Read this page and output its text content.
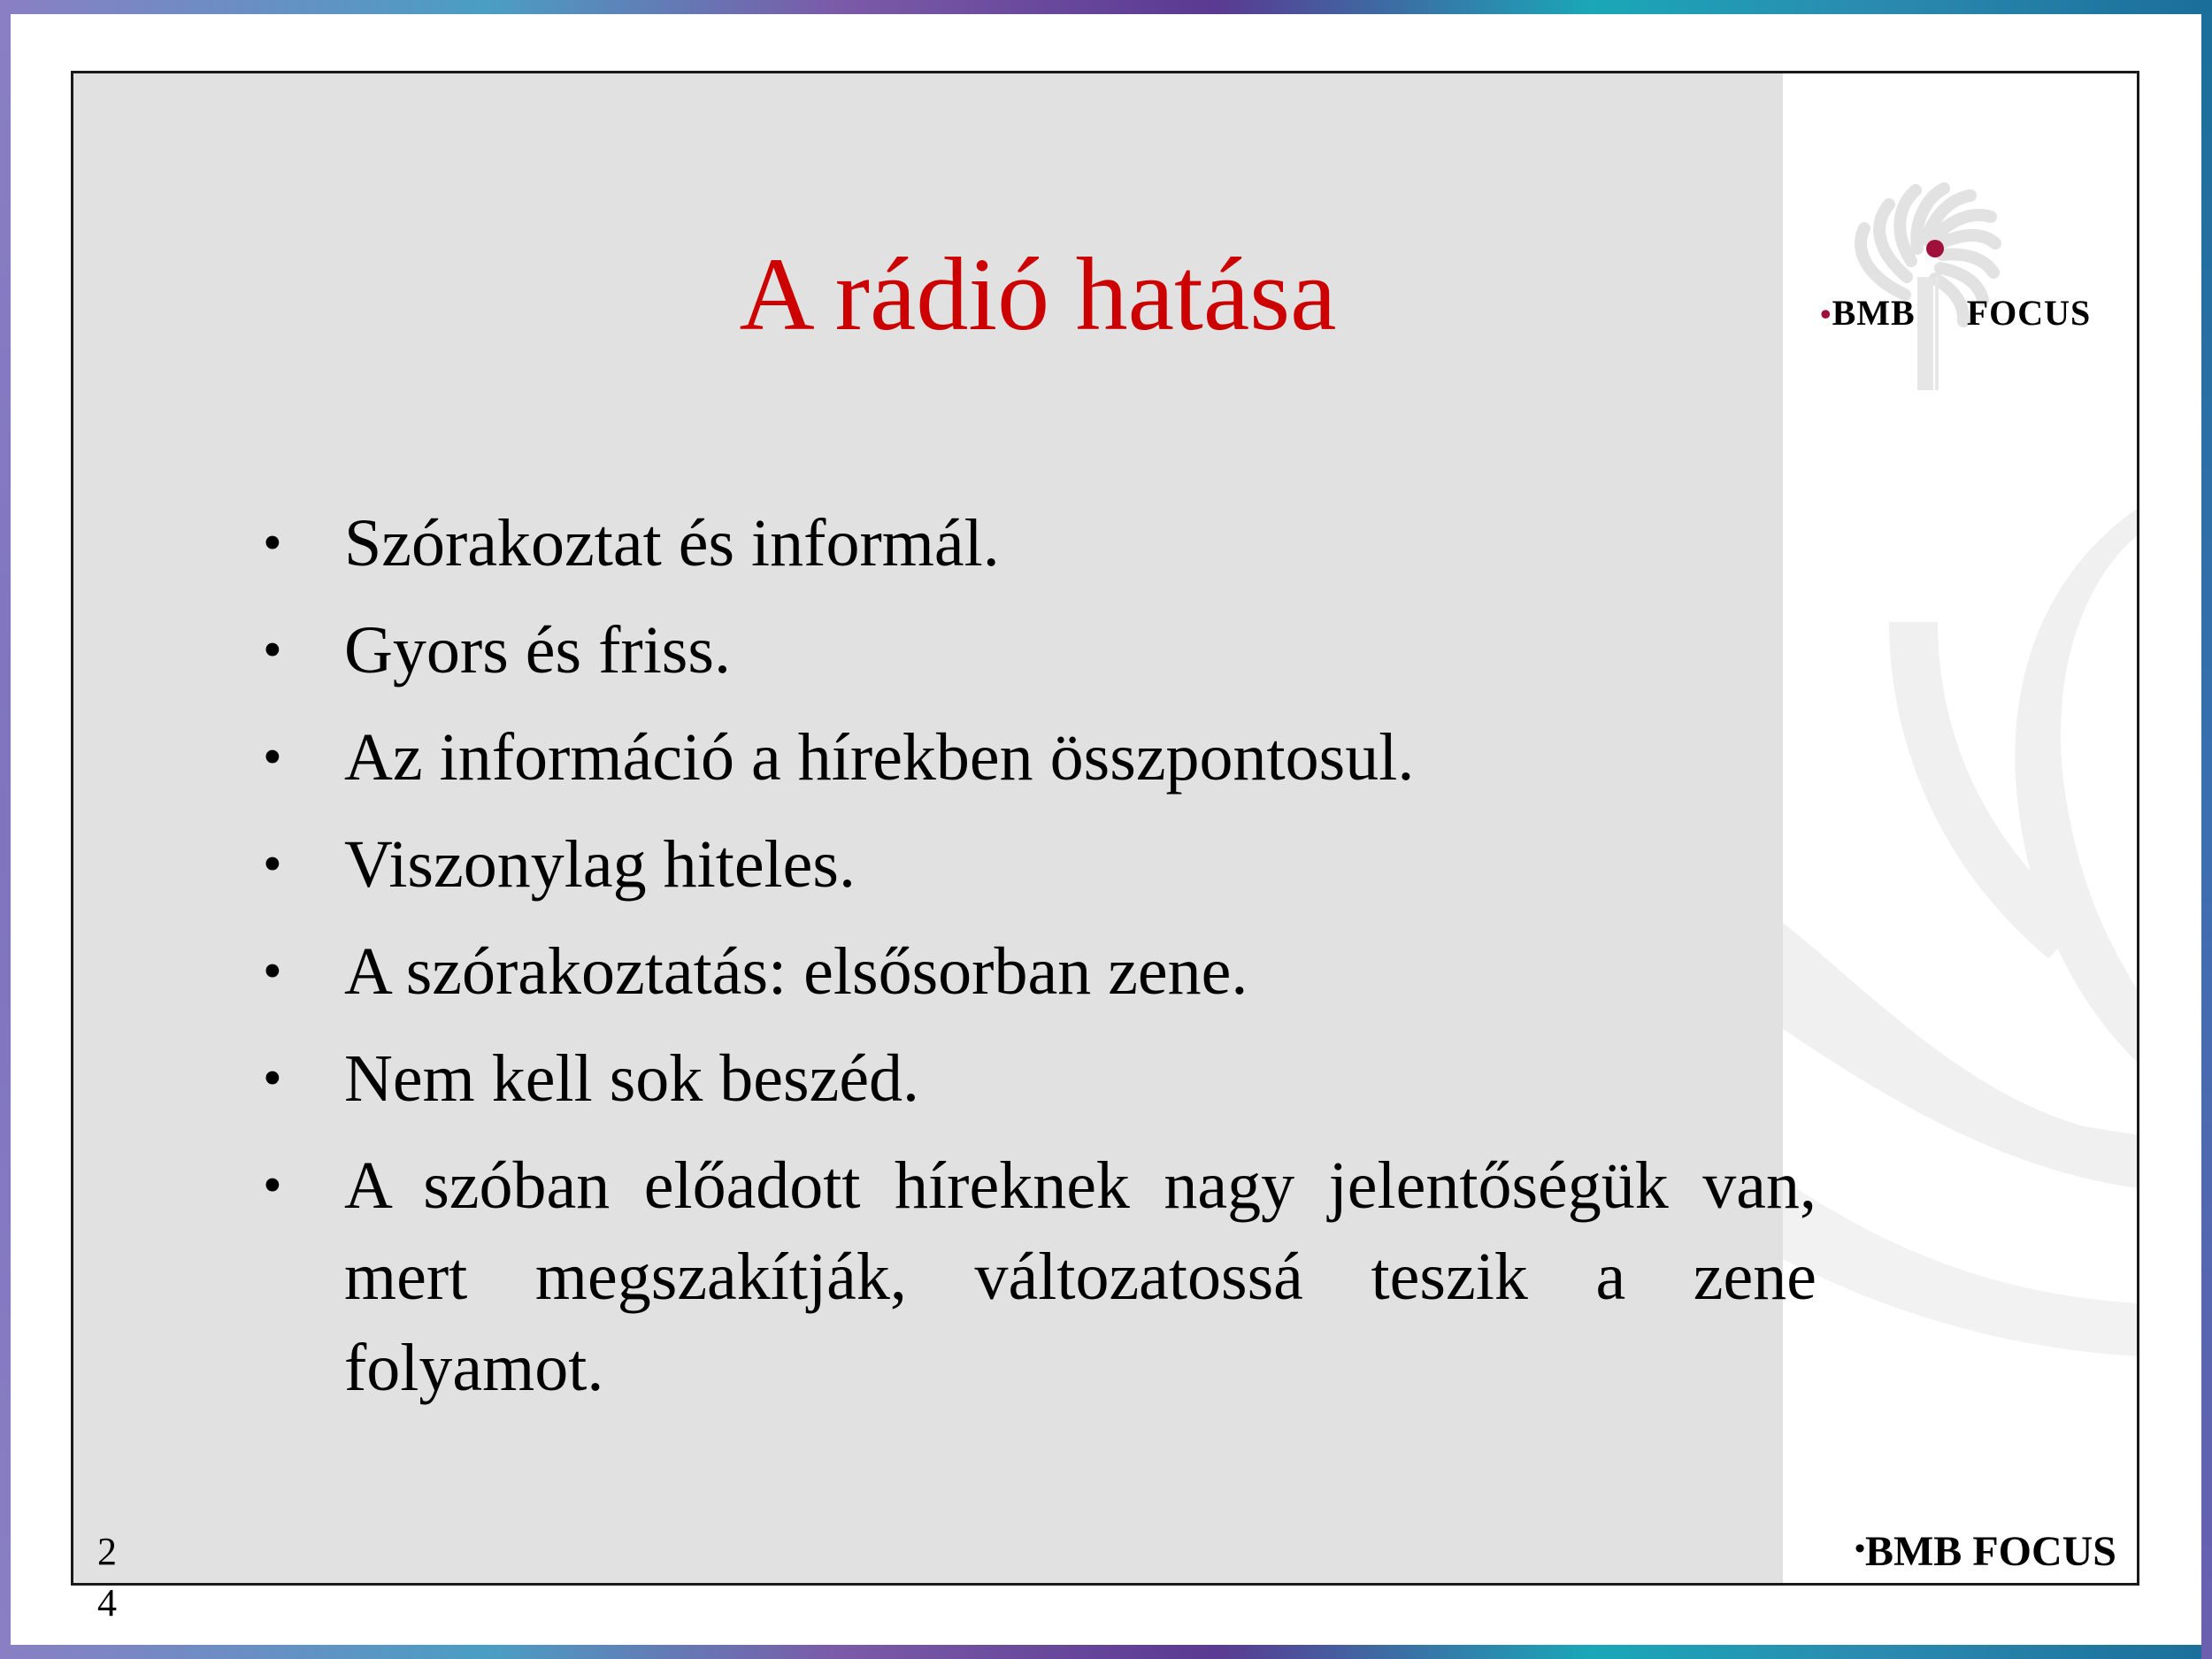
•BMB FOCUS
•BMB FOCUS
A rádió hatása
• Szórakoztat és informál.
• Gyors és friss.
• Az információ a hírekben összpontosul.
• Viszonylag hiteles.
• A szórakoztatás: elsősorban zene.
• Nem kell sok beszéd.
• A szóban előadott híreknek nagy jelentőségük van, mert megszakítják, változatossá teszik a zene folyamot.
2
4
